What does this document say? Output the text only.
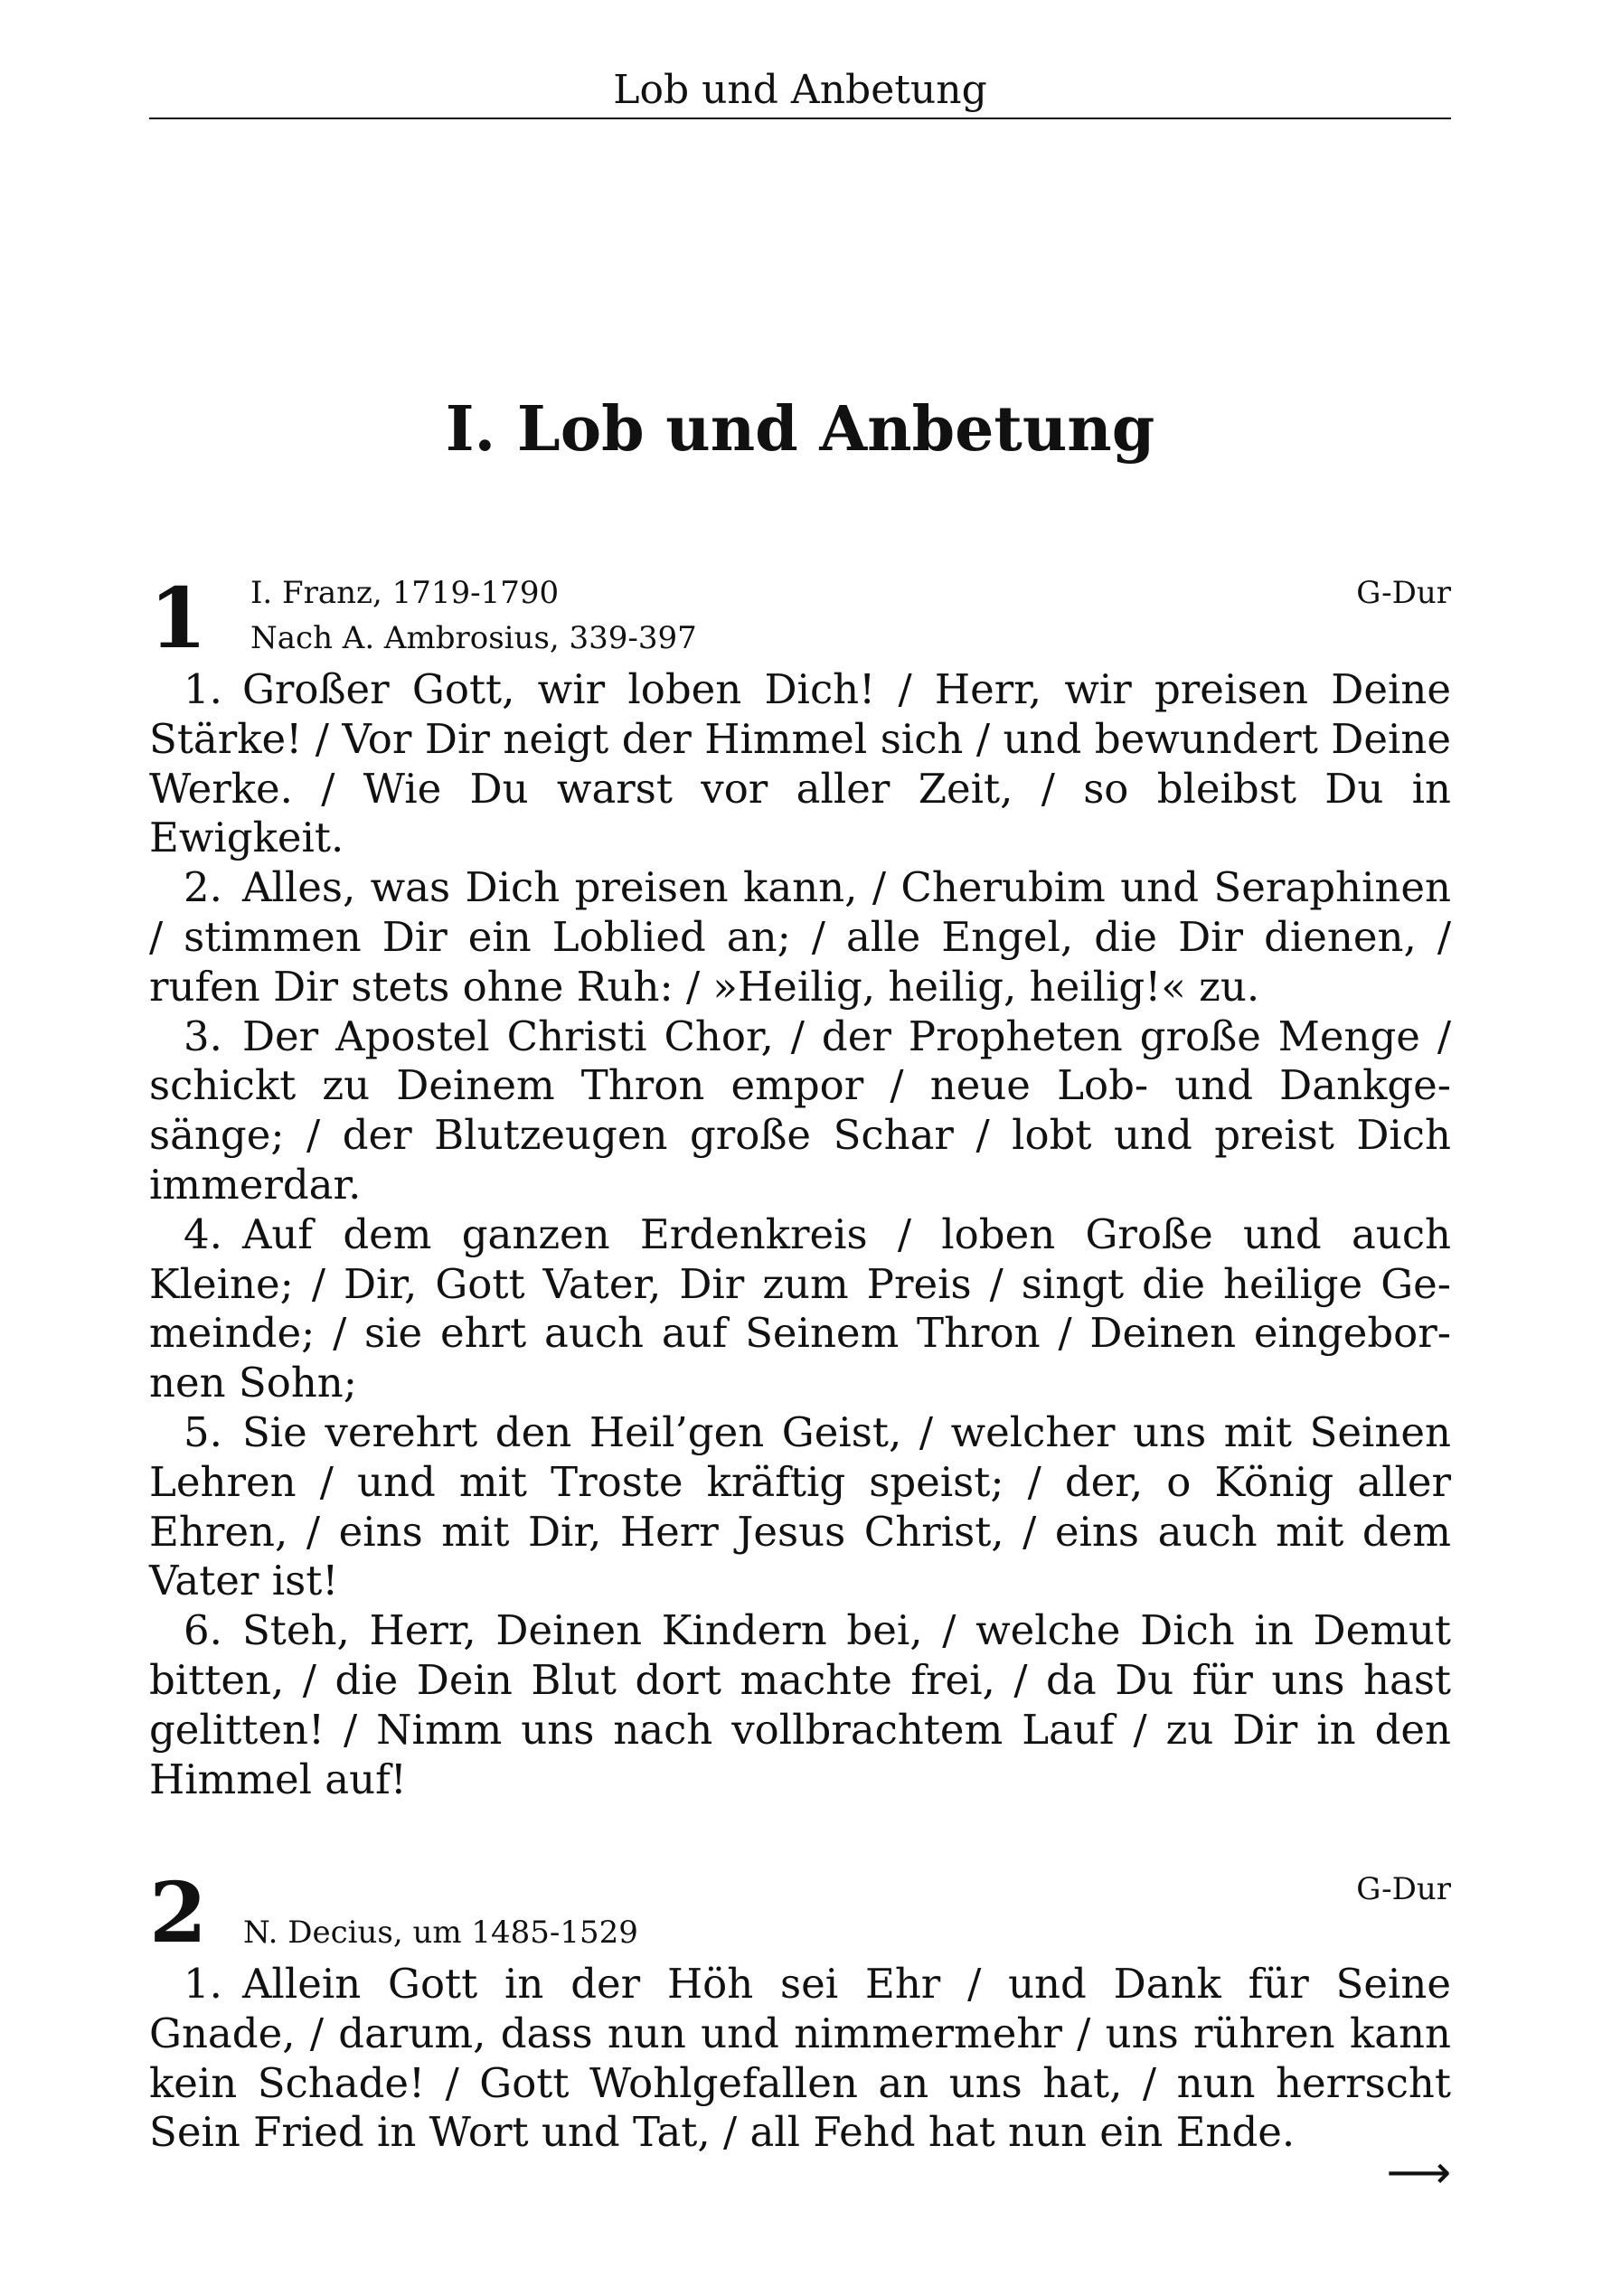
Lob und Anbetung
I. Lob und Anbetung
1 I. Franz, 1719-1790
Nach A. Ambrosius, 339-397
G-Dur

1. Großer Gott, wir loben Dich! / Herr, wir preisen Deine Stärke! / Vor Dir neigt der Himmel sich / und bewundert Deine Werke. / Wie Du warst vor aller Zeit, / so bleibst Du in Ewigkeit.

2. Alles, was Dich preisen kann, / Cherubim und Seraphinen / stimmen Dir ein Loblied an; / alle Engel, die Dir dienen, / rufen Dir stets ohne Ruh: / »Heilig, heilig, heilig!« zu.

3. Der Apostel Christi Chor, / der Propheten große Menge / schickt zu Deinem Thron empor / neue Lob- und Dankgesänge; / der Blutzeugen große Schar / lobt und preist Dich immerdar.

4. Auf dem ganzen Erdenkreis / loben Große und auch Kleine; / Dir, Gott Vater, Dir zum Preis / singt die heilige Gemeinde; / sie ehrt auch auf Seinem Thron / Deinen eingebornen Sohn;

5. Sie verehrt den Heil’gen Geist, / welcher uns mit Seinen Lehren / und mit Troste kräftig speist; / der, o König aller Ehren, / eins mit Dir, Herr Jesus Christ, / eins auch mit dem Vater ist!

6. Steh, Herr, Deinen Kindern bei, / welche Dich in Demut bitten, / die Dein Blut dort machte frei, / da Du für uns hast gelitten! / Nimm uns nach vollbrachtem Lauf / zu Dir in den Himmel auf!

2 N. Decius, um 1485-1529
G-Dur

1. Allein Gott in der Höh sei Ehr / und Dank für Seine Gnade, / darum, dass nun und nimmermehr / uns rühren kann kein Schade! / Gott Wohlgefallen an uns hat, / nun herrscht Sein Fried in Wort und Tat, / all Fehd hat nun ein Ende.

⟶
